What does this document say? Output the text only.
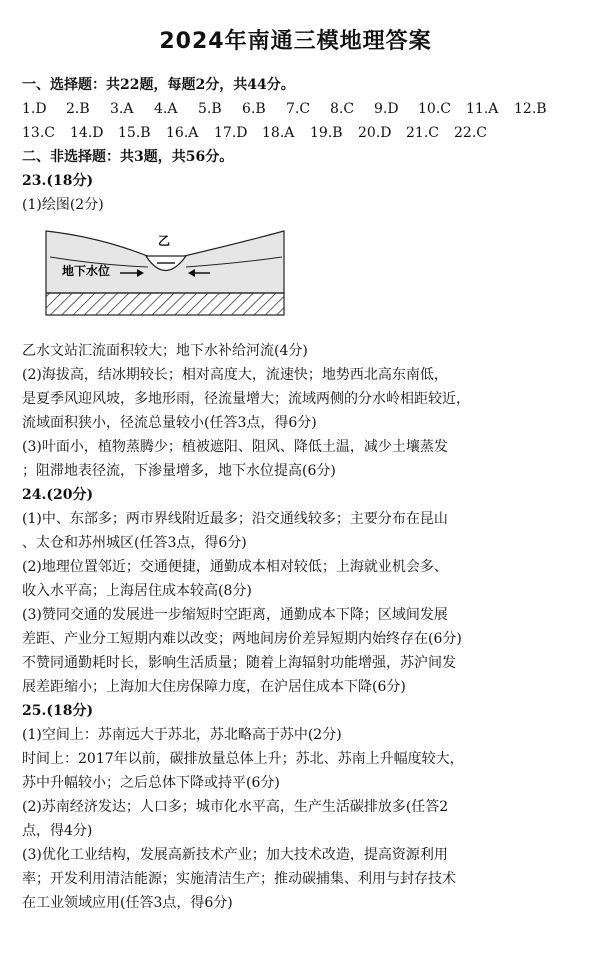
2024年南通三模地理答案

一、选择题：共22题，每题2分，共44分。

1.D	2.B	3.A	4.A	5.B	6.B	7.C	8.C	9.D	10.C	11.A	12.B
13.C	14.D	15.B	16.A	17.D	18.A	19.B	20.D	21.C	22.C

二、非选择题：共3题，共56分。

23.(18分)

(1)绘图(2分)

乙
地下水位

乙水文站汇流面积较大；地下水补给河流(4分)

(2)海拔高，结冰期较长；相对高度大，流速快；地势西北高东南低，

是夏季风迎风坡，多地形雨，径流量增大；流域两侧的分水岭相距较近，

流域面积狭小，径流总量较小(任答3点，得6分)

(3)叶面小，植物蒸腾少；植被遮阳、阻风、降低土温，减少土壤蒸发

；阻滞地表径流，下渗量增多，地下水位提高(6分)

24.(20分)

(1)中、东部多；两市界线附近最多；沿交通线较多；主要分布在昆山

、太仓和苏州城区(任答3点，得6分)

(2)地理位置邻近；交通便捷，通勤成本相对较低；上海就业机会多、

收入水平高；上海居住成本较高(8分)

(3)赞同交通的发展进一步缩短时空距离，通勤成本下降；区域间发展

差距、产业分工短期内难以改变；两地间房价差异短期内始终存在(6分)

不赞同通勤耗时长，影响生活质量；随着上海辐射功能增强，苏沪间发

展差距缩小；上海加大住房保障力度，在沪居住成本下降(6分)

25.(18分)

(1)空间上：苏南远大于苏北，苏北略高于苏中(2分)

时间上：2017年以前，碳排放量总体上升；苏北、苏南上升幅度较大，

苏中升幅较小；之后总体下降或持平(6分)

(2)苏南经济发达；人口多；城市化水平高，生产生活碳排放多(任答2

点，得4分)

(3)优化工业结构，发展高新技术产业；加大技术改造，提高资源利用

率；开发利用清洁能源；实施清洁生产；推动碳捕集、利用与封存技术

在工业领域应用(任答3点，得6分)
